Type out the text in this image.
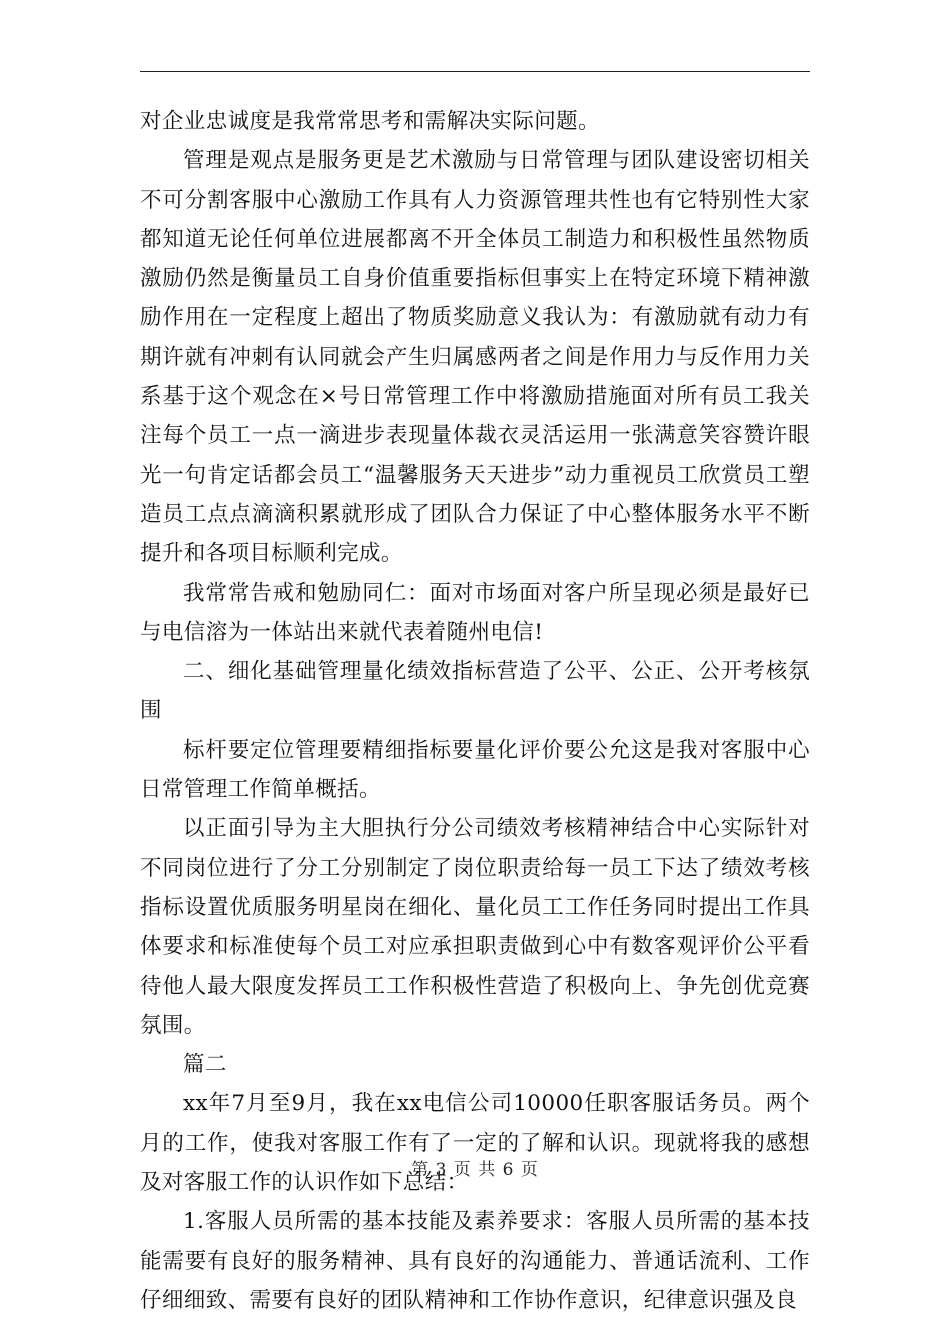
对企业忠诚度是我常常思考和需解决实际问题。

管理是观点是服务更是艺术激励与日常管理与团队建设密切相关不可分割客服中心激励工作具有人力资源管理共性也有它特别性大家都知道无论任何单位进展都离不开全体员工制造力和积极性虽然物质激励仍然是衡量员工自身价值重要指标但事实上在特定环境下精神激励作用在一定程度上超出了物质奖励意义我认为：有激励就有动力有期许就有冲刺有认同就会产生归属感两者之间是作用力与反作用力关系基于这个观念在×号日常管理工作中将激励措施面对所有员工我关注每个员工一点一滴进步表现量体裁衣灵活运用一张满意笑容赞许眼光一句肯定话都会员工“温馨服务天天进步”动力重视员工欣赏员工塑造员工点点滴滴积累就形成了团队合力保证了中心整体服务水平不断提升和各项目标顺利完成。

我常常告戒和勉励同仁：面对市场面对客户所呈现必须是最好已与电信溶为一体站出来就代表着随州电信!

二、细化基础管理量化绩效指标营造了公平、公正、公开考核氛围

标杆要定位管理要精细指标要量化评价要公允这是我对客服中心日常管理工作简单概括。

以正面引导为主大胆执行分公司绩效考核精神结合中心实际针对不同岗位进行了分工分别制定了岗位职责给每一员工下达了绩效考核指标设置优质服务明星岗在细化、量化员工工作任务同时提出工作具体要求和标准使每个员工对应承担职责做到心中有数客观评价公平看待他人最大限度发挥员工工作积极性营造了积极向上、争先创优竞赛氛围。

篇二

xx年7月至9月，我在xx电信公司10000任职客服话务员。两个月的工作，使我对客服工作有了一定的了解和认识。现就将我的感想及对客服工作的认识作如下总结：

1.客服人员所需的基本技能及素养要求：客服人员所需的基本技能需要有良好的服务精神、具有良好的沟通能力、普通话流利、工作仔细细致、需要有良好的团队精神和工作协作意识，纪律意识强及良

第 3 页 共 6 页
